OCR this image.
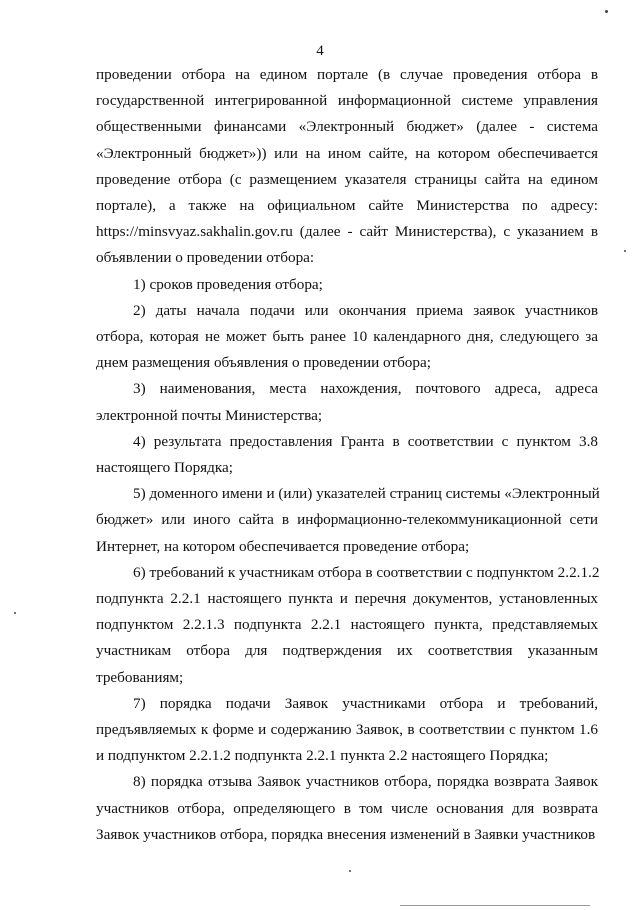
4
проведении отбора на едином портале (в случае проведения отбора в
государственной интегрированной информационной системе управления
общественными финансами «Электронный бюджет» (далее - система
«Электронный бюджет»)) или на ином сайте, на котором обеспечивается
проведение отбора (с размещением указателя страницы сайта на едином
портале), а также на официальном сайте Министерства по адресу:
https://minsvyaz.sakhalin.gov.ru (далее - сайт Министерства), с указанием в
объявлении о проведении отбора:
1) сроков проведения отбора;
2) даты начала подачи или окончания приема заявок участников
отбора, которая не может быть ранее 10 календарного дня, следующего за
днем размещения объявления о проведении отбора;
3) наименования, места нахождения, почтового адреса, адреса
электронной почты Министерства;
4) результата предоставления Гранта в соответствии с пунктом 3.8
настоящего Порядка;
5) доменного имени и (или) указателей страниц системы «Электронный
бюджет» или иного сайта в информационно-телекоммуникационной сети
Интернет, на котором обеспечивается проведение отбора;
6) требований к участникам отбора в соответствии с подпунктом 2.2.1.2
подпункта 2.2.1 настоящего пункта и перечня документов, установленных
подпунктом 2.2.1.3 подпункта 2.2.1 настоящего пункта, представляемых
участникам отбора для подтверждения их соответствия указанным
требованиям;
7) порядка подачи Заявок участниками отбора и требований,
предъявляемых к форме и содержанию Заявок, в соответствии с пунктом 1.6
и подпунктом 2.2.1.2 подпункта 2.2.1 пункта 2.2 настоящего Порядка;
8) порядка отзыва Заявок участников отбора, порядка возврата Заявок
участников отбора, определяющего в том числе основания для возврата
Заявок участников отбора, порядка внесения изменений в Заявки участников
